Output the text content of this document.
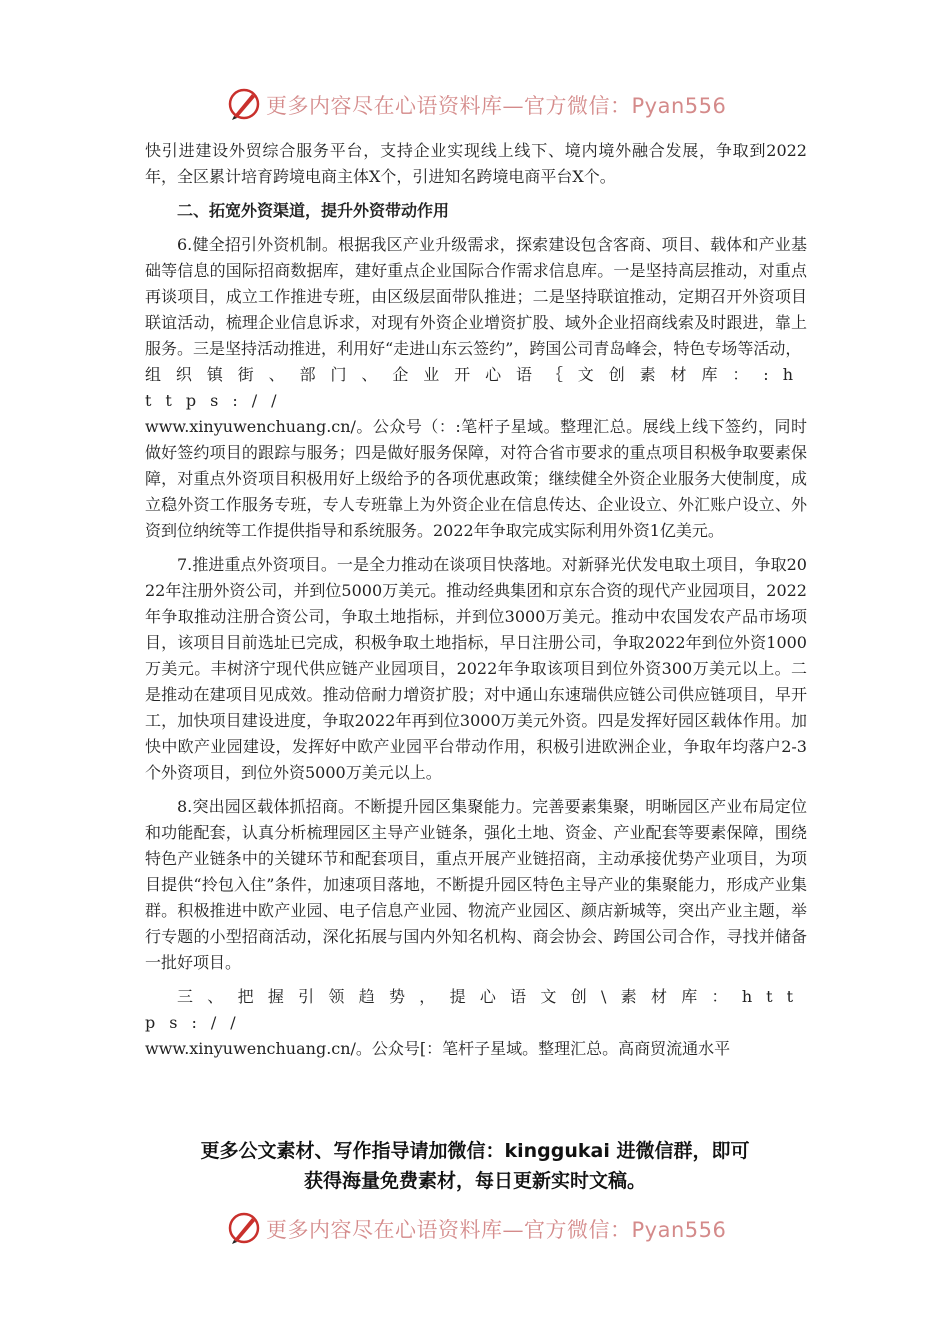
更多内容尽在心语资料库—官方微信：Pyan556

快引进建设外贸综合服务平台，支持企业实现线上线下、境内境外融合发展，争取到2022年，全区累计培育跨境电商主体X个，引进知名跨境电商平台X个。

二、拓宽外资渠道，提升外资带动作用

6.健全招引外资机制。根据我区产业升级需求，探索建设包含客商、项目、载体和产业基础等信息的国际招商数据库，建好重点企业国际合作需求信息库。一是坚持高层推动，对重点再谈项目，成立工作推进专班，由区级层面带队推进；二是坚持联谊推动，定期召开外资项目联谊活动，梳理企业信息诉求，对现有外资企业增资扩股、域外企业招商线索及时跟进，靠上服务。三是坚持活动推进，利用好“走进山东云签约”，跨国公司青岛峰会，特色专场等活动，

组织镇街、部门、企业开心语｛文创素材库：:https://

www.xinyuwenchuang.cn/。公众号（：:笔杆子星域。整理汇总。展线上线下签约，同时做好签约项目的跟踪与服务；四是做好服务保障，对符合省市要求的重点项目积极争取要素保障，对重点外资项目积极用好上级给予的各项优惠政策；继续健全外资企业服务大使制度，成立稳外资工作服务专班，专人专班靠上为外资企业在信息传达、企业设立、外汇账户设立、外资到位纳统等工作提供指导和系统服务。2022年争取完成实际利用外资1亿美元。

7.推进重点外资项目。一是全力推动在谈项目快落地。对新驿光伏发电取土项目，争取2022年注册外资公司，并到位5000万美元。推动经典集团和京东合资的现代产业园项目，2022年争取推动注册合资公司，争取土地指标，并到位3000万美元。推动中农国发农产品市场项目，该项目目前选址已完成，积极争取土地指标，早日注册公司，争取2022年到位外资1000万美元。丰树济宁现代供应链产业园项目，2022年争取该项目到位外资300万美元以上。二是推动在建项目见成效。推动倍耐力增资扩股；对中通山东速瑞供应链公司供应链项目，早开工，加快项目建设进度，争取2022年再到位3000万美元外资。四是发挥好园区载体作用。加快中欧产业园建设，发挥好中欧产业园平台带动作用，积极引进欧洲企业，争取年均落户2-3个外资项目，到位外资5000万美元以上。

8.突出园区载体抓招商。不断提升园区集聚能力。完善要素集聚，明晰园区产业布局定位和功能配套，认真分析梳理园区主导产业链条，强化土地、资金、产业配套等要素保障，围绕特色产业链条中的关键环节和配套项目，重点开展产业链招商，主动承接优势产业项目，为项目提供“拎包入住”条件，加速项目落地，不断提升园区特色主导产业的集聚能力，形成产业集群。积极推进中欧产业园、电子信息产业园、物流产业园区、颜店新城等，突出产业主题，举行专题的小型招商活动，深化拓展与国内外知名机构、商会协会、跨国公司合作，寻找并储备一批好项目。

三、把握引领趋势，提心语文创\素材库：https://

www.xinyuwenchuang.cn/。公众号[：笔杆子星域。整理汇总。高商贸流通水平

更多公文素材、写作指导请加微信：kinggukai 进微信群，即可
获得海量免费素材，每日更新实时文稿。
更多内容尽在心语资料库—官方微信：Pyan556
